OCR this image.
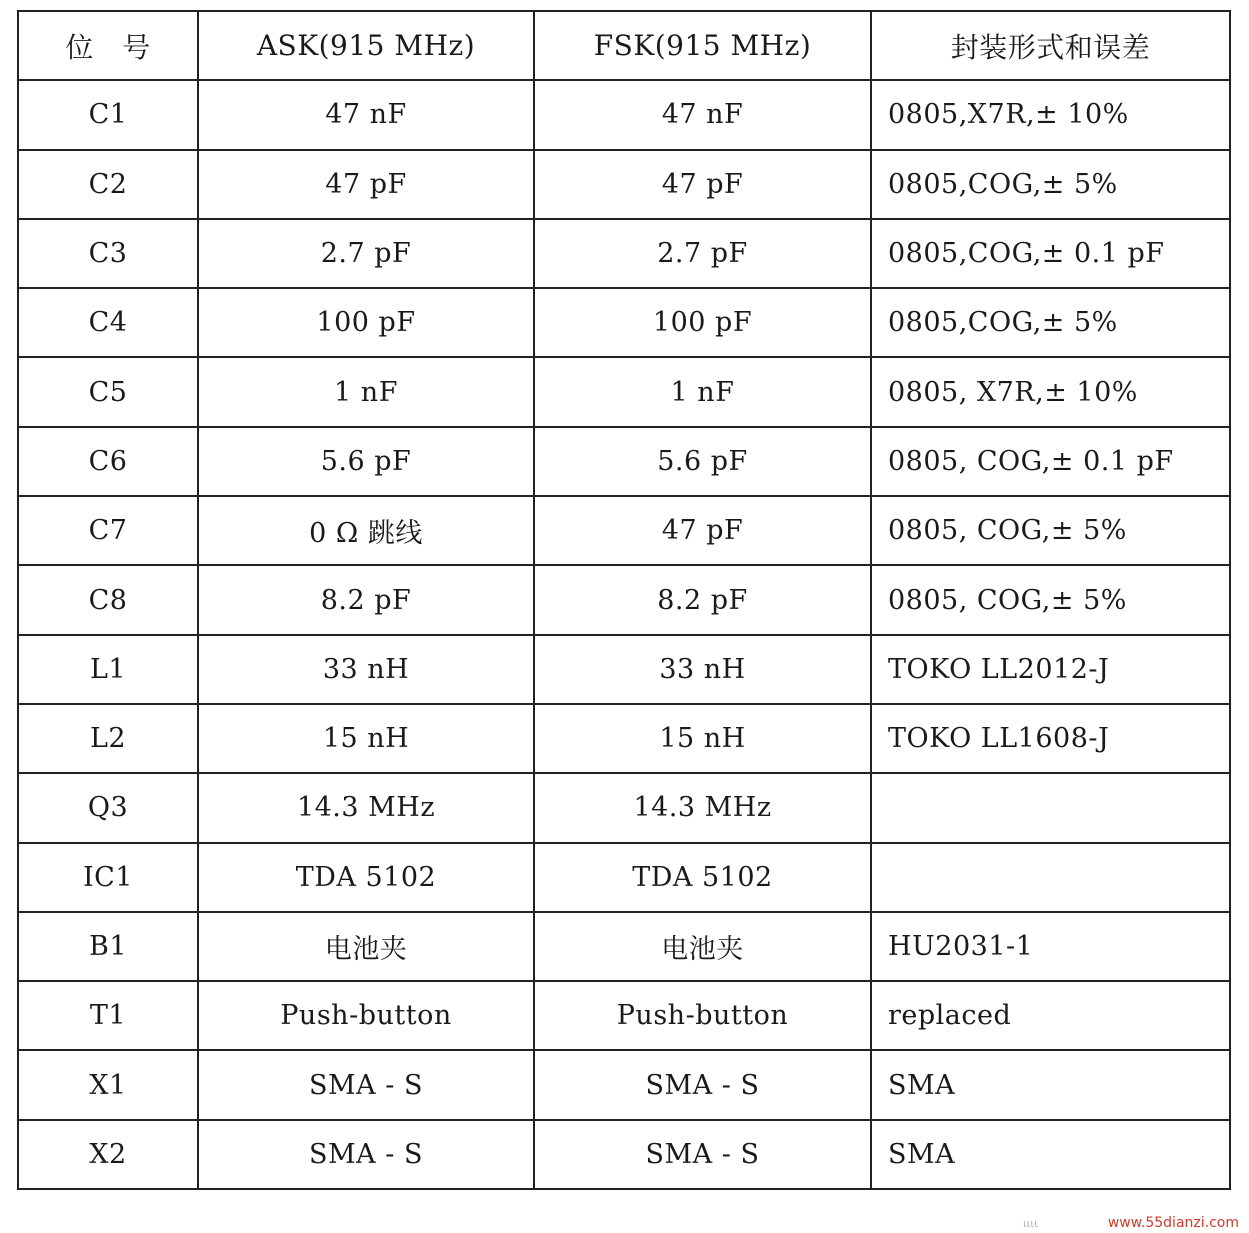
位　号	ASK(915 MHz)	FSK(915 MHz)	封装形式和误差
C1	47 nF	47 nF	0805,X7R,± 10%
C2	47 pF	47 pF	0805,COG,± 5%
C3	2.7 pF	2.7 pF	0805,COG,± 0.1 pF
C4	100 pF	100 pF	0805,COG,± 5%
C5	1 nF	1 nF	0805, X7R,± 10%
C6	5.6 pF	5.6 pF	0805, COG,± 0.1 pF
C7	0 Ω 跳线	47 pF	0805, COG,± 5%
C8	8.2 pF	8.2 pF	0805, COG,± 5%
L1	33 nH	33 nH	TOKO LL2012-J
L2	15 nH	15 nH	TOKO LL1608-J
Q3	14.3 MHz	14.3 MHz	
IC1	TDA 5102	TDA 5102	
B1	电池夹	电池夹	HU2031-1
T1	Push-button	Push-button	replaced
X1	SMA - S	SMA - S	SMA
X2	SMA - S	SMA - S	SMA
ιιιι	www.55dianzi.com
